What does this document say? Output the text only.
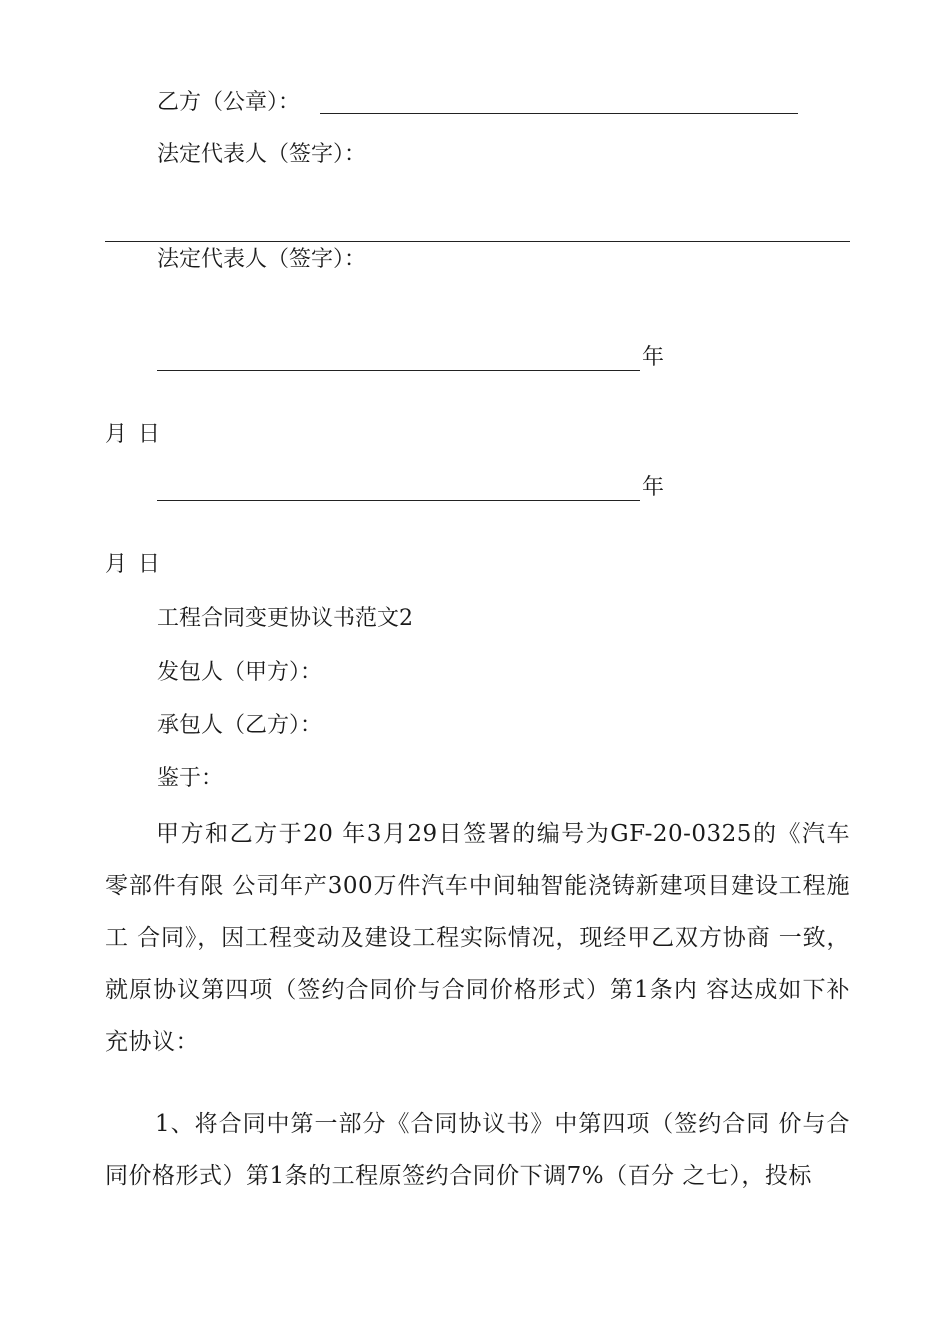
乙方（公章）：
法定代表人（签字）：
法定代表人（签字）：
年
月 日
年
月 日
工程合同变更协议书范文2
发包人（甲方）：
承包人（乙方）：
鉴于：
甲方和乙方于20 年3月29日签署的编号为GF-20-0325的《汽车零部件有限 公司年产300万件汽车中间轴智能浇铸新建项目建设工程施工 合同》，因工程变动及建设工程实际情况，现经甲乙双方协商 一致，就原协议第四项（签约合同价与合同价格形式）第1条内 容达成如下补充协议：
1、将合同中第一部分《合同协议书》中第四项（签约合同 价与合同价格形式）第1条的工程原签约合同价下调7%（百分 之七），投标
